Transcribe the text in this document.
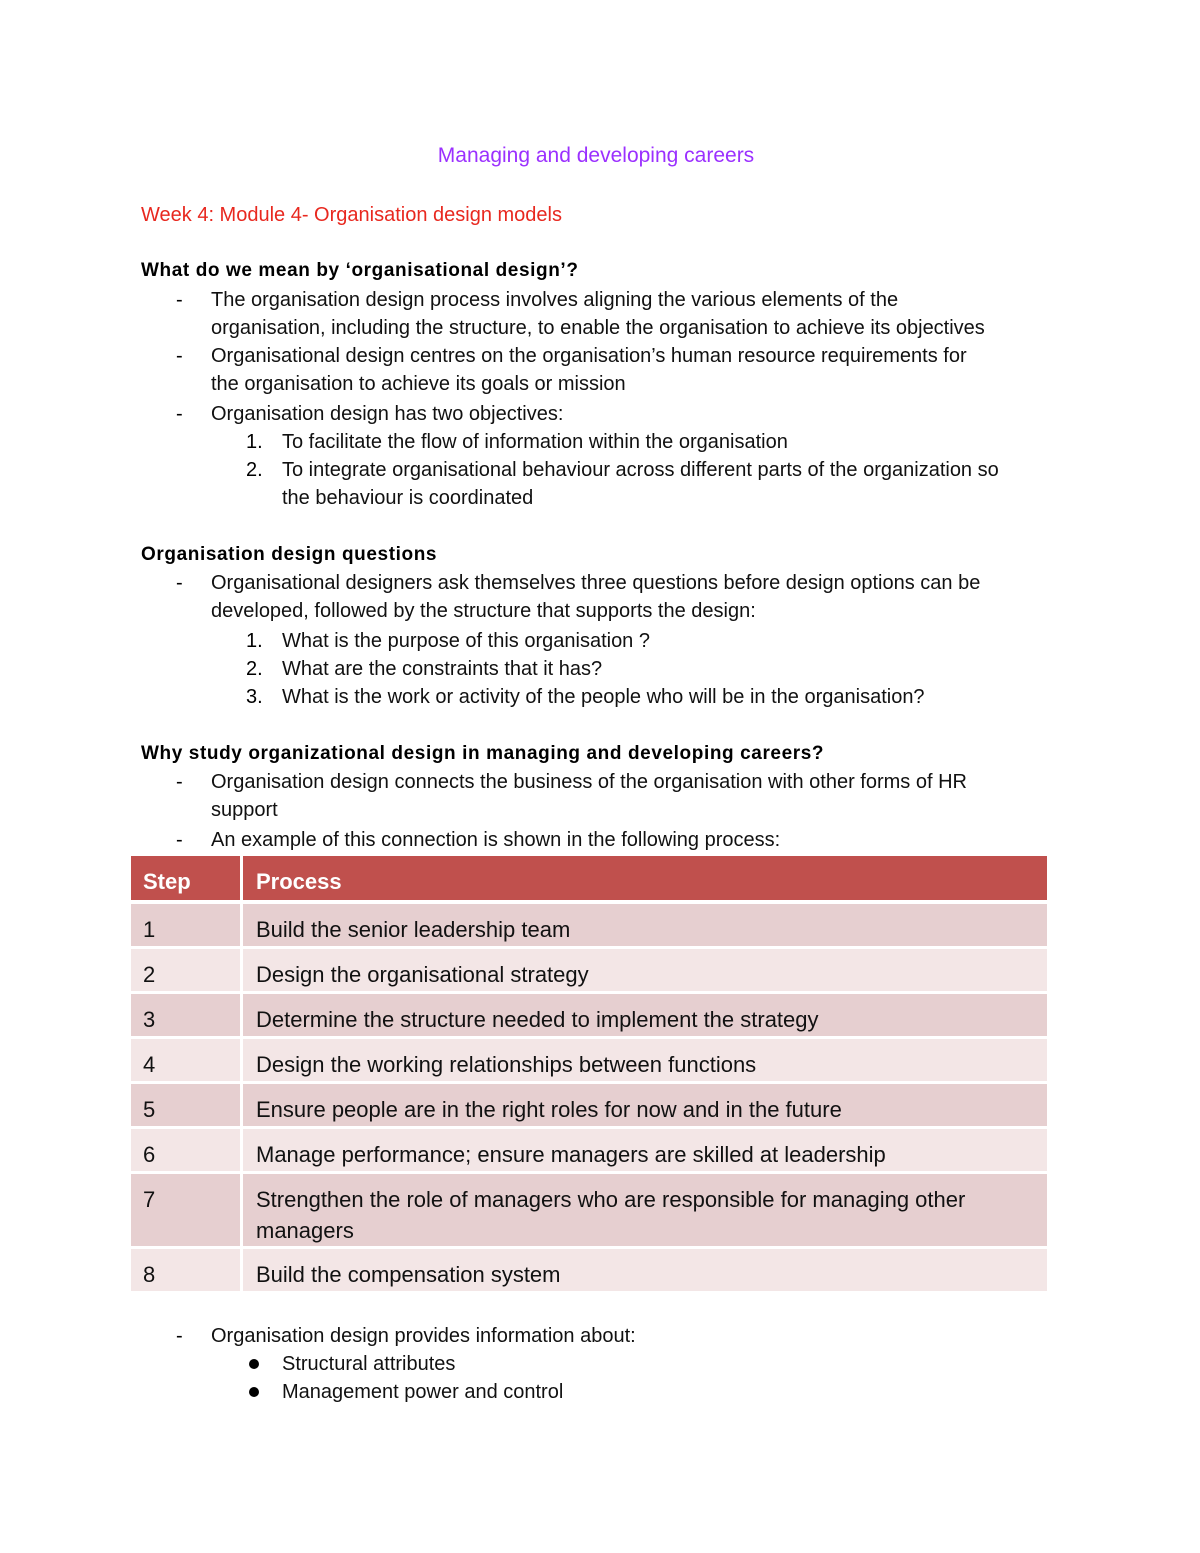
Managing and developing careers
Week 4: Module 4- Organisation design models
What do we mean by ‘organisational design’?
- The organisation design process involves aligning the various elements of the
organisation, including the structure, to enable the organisation to achieve its objectives
- Organisational design centres on the organisation’s human resource requirements for
the organisation to achieve its goals or mission
- Organisation design has two objectives:
1. To facilitate the flow of information within the organisation
2. To integrate organisational behaviour across different parts of the organization so
the behaviour is coordinated
Organisation design questions
- Organisational designers ask themselves three questions before design options can be
developed, followed by the structure that supports the design:
1. What is the purpose of this organisation ?
2. What are the constraints that it has?
3. What is the work or activity of the people who will be in the organisation?
Why study organizational design in managing and developing careers?
- Organisation design connects the business of the organisation with other forms of HR
support
- An example of this connection is shown in the following process:
Step	Process
1	Build the senior leadership team
2	Design the organisational strategy
3	Determine the structure needed to implement the strategy
4	Design the working relationships between functions
5	Ensure people are in the right roles for now and in the future
6	Manage performance; ensure managers are skilled at leadership
7	Strengthen the role of managers who are responsible for managing other
managers
8	Build the compensation system
- Organisation design provides information about:
Structural attributes
Management power and control
